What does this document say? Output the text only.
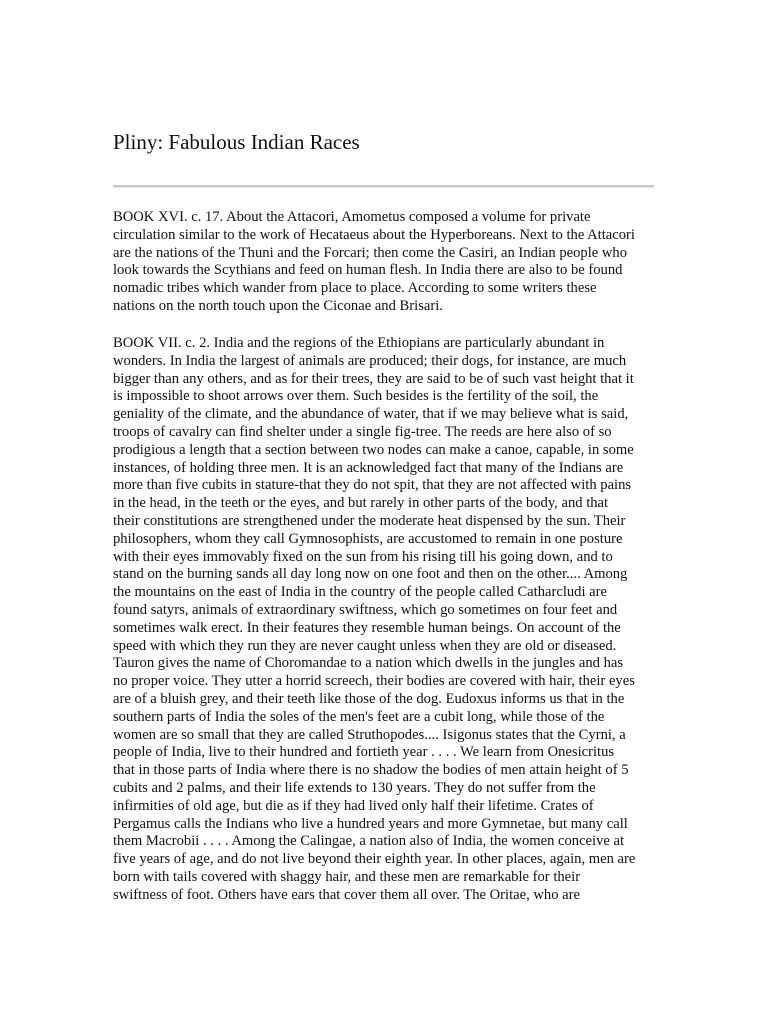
Pliny: Fabulous Indian Races
BOOK XVI. c. 17. About the Attacori, Amometus composed a volume for private
circulation similar to the work of Hecataeus about the Hyperboreans. Next to the Attacori
are the nations of the Thuni and the Forcari; then come the Casiri, an Indian people who
look towards the Scythians and feed on human flesh. In India there are also to be found
nomadic tribes which wander from place to place. According to some writers these
nations on the north touch upon the Ciconae and Brisari.
BOOK VII. c. 2. India and the regions of the Ethiopians are particularly abundant in
wonders. In India the largest of animals are produced; their dogs, for instance, are much
bigger than any others, and as for their trees, they are said to be of such vast height that it
is impossible to shoot arrows over them. Such besides is the fertility of the soil, the
geniality of the climate, and the abundance of water, that if we may believe what is said,
troops of cavalry can find shelter under a single fig-tree. The reeds are here also of so
prodigious a length that a section between two nodes can make a canoe, capable, in some
instances, of holding three men. It is an acknowledged fact that many of the Indians are
more than five cubits in stature-that they do not spit, that they are not affected with pains
in the head, in the teeth or the eyes, and but rarely in other parts of the body, and that
their constitutions are strengthened under the moderate heat dispensed by the sun. Their
philosophers, whom they call Gymnosophists, are accustomed to remain in one posture
with their eyes immovably fixed on the sun from his rising till his going down, and to
stand on the burning sands all day long now on one foot and then on the other.... Among
the mountains on the east of India in the country of the people called Catharcludi are
found satyrs, animals of extraordinary swiftness, which go sometimes on four feet and
sometimes walk erect. In their features they resemble human beings. On account of the
speed with which they run they are never caught unless when they are old or diseased.
Tauron gives the name of Choromandae to a nation which dwells in the jungles and has
no proper voice. They utter a horrid screech, their bodies are covered with hair, their eyes
are of a bluish grey, and their teeth like those of the dog. Eudoxus informs us that in the
southern parts of India the soles of the men's feet are a cubit long, while those of the
women are so small that they are called Struthopodes.... Isigonus states that the Cyrni, a
people of India, live to their hundred and fortieth year . . . . We learn from Onesicritus
that in those parts of India where there is no shadow the bodies of men attain height of 5
cubits and 2 palms, and their life extends to 130 years. They do not suffer from the
infirmities of old age, but die as if they had lived only half their lifetime. Crates of
Pergamus calls the Indians who live a hundred years and more Gymnetae, but many call
them Macrobii . . . . Among the Calingae, a nation also of India, the women conceive at
five years of age, and do not live beyond their eighth year. In other places, again, men are
born with tails covered with shaggy hair, and these men are remarkable for their
swiftness of foot. Others have ears that cover them all over. The Oritae, who are
